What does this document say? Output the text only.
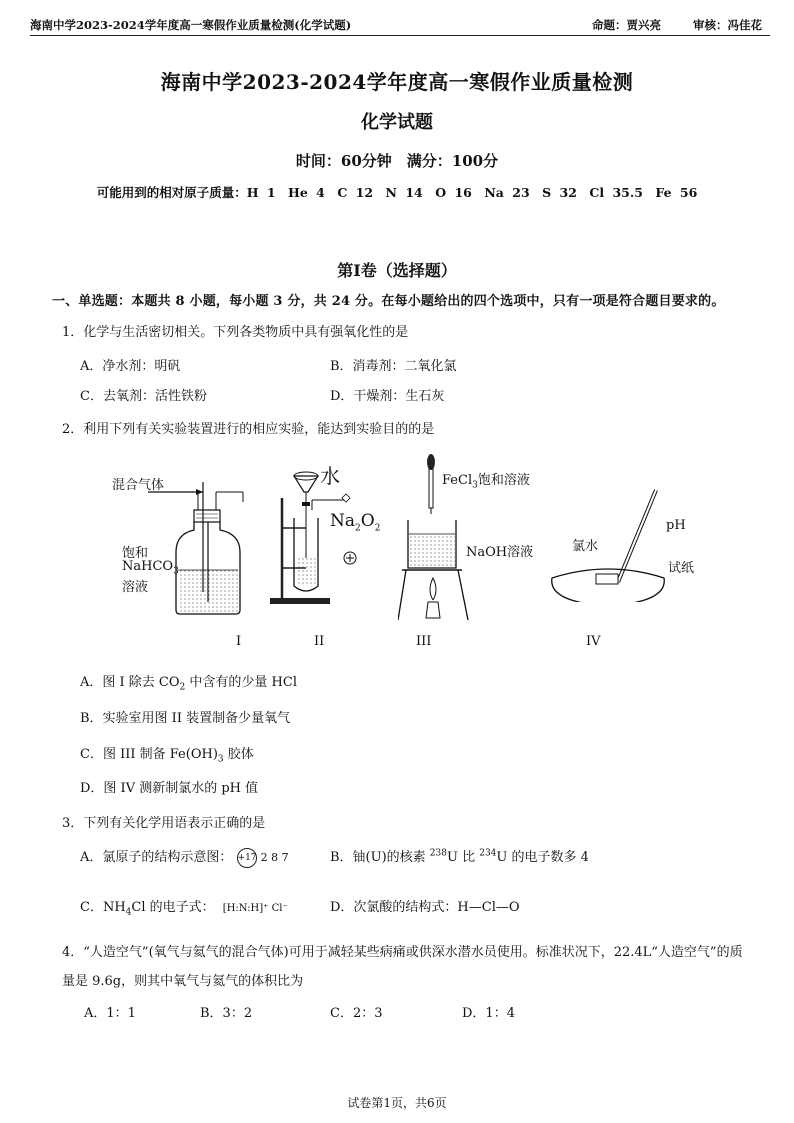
海南中学2023-2024学年度高一寒假作业质量检测(化学试题)	命题：贾兴亮	审核：冯佳花
海南中学2023-2024学年度高一寒假作业质量检测
化学试题
时间：60分钟　满分：100分
可能用到的相对原子质量：H 1　He 4　C 12　N 14　O 16　Na 23　S 32　Cl 35.5　Fe 56
第I卷（选择题）
一、单选题：本题共 8 小题，每小题 3 分，共 24 分。在每小题给出的四个选项中，只有一项是符合题目要求的。
1．化学与生活密切相关。下列各类物质中具有强氧化性的是
A．净水剂：明矾	B．消毒剂：二氧化氯
C．去氧剂：活性铁粉	D．干燥剂：生石灰
2．利用下列有关实验装置进行的相应实验，能达到实验目的的是
混合气体
饱和
NaHCO$_3$
溶液
水
$Na_2O_2$
FeCl$_3$饱和溶液
NaOH溶液
pH
氯水
试纸
I	II	III	IV
A．图 I 除去 $CO_2$ 中含有的少量 HCl
B．实验室用图 II 装置制备少量氧气
C．图 III 制备 $Fe(OH)_3$ 胶体
D．图 IV 测新制氯水的 pH 值
3．下列有关化学用语表示正确的是
A．氯原子的结构示意图： +17 2 8 7	B．铀(U)的核素 $^{238}$U 比 $^{234}$U 的电子数多 4
C．$NH_4Cl$ 的电子式： [H:N:H]⁺ Cl⁻	D．次氯酸的结构式：H—Cl—O
4．“人造空气”(氧气与氦气的混合气体)可用于减轻某些病痛或供深水潜水员使用。标准状况下，22.4L“人造空气”的质
量是 9.6g，则其中氧气与氦气的体积比为
A．1：1	B．3：2	C．2：3	D．1：4
试卷第1页，共6页
